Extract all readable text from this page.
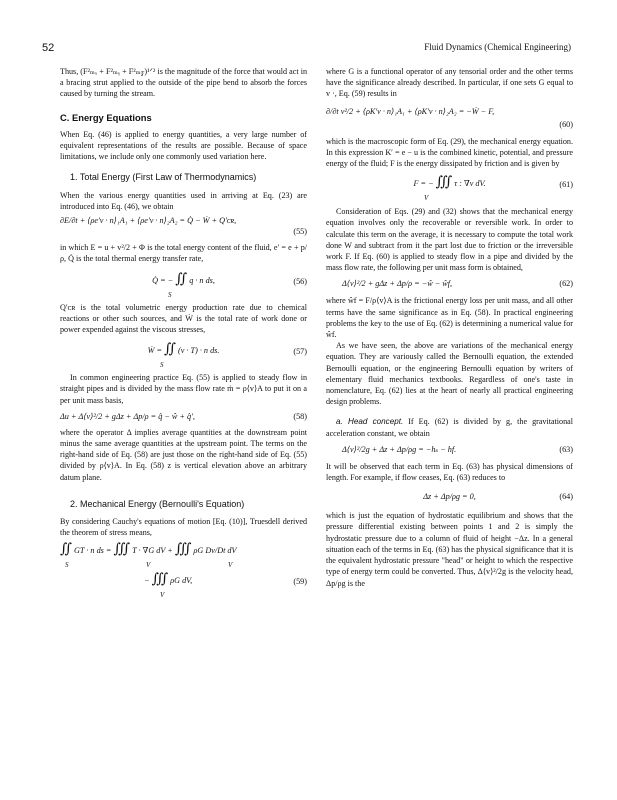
52	Fluid Dynamics (Chemical Engineering)

Thus, (F²ₘₓ + F²ₘᵧ + F²ₘ𝓏)¹ᐟ² is the magnitude of the force that would act in a bracing strut applied to the outside of the pipe bend to absorb the forces caused by turning the stream.

C. Energy Equations

When Eq. (46) is applied to energy quantities, a very large number of equivalent representations of the results are possible. Because of space limitations, we include only one commonly used variation here.

1. Total Energy (First Law of Thermodynamics)

When the various energy quantities used in arriving at Eq. (23) are introduced into Eq. (46), we obtain

∂E/∂t + ⟨ρe′v · n⟩₁A₁ + ⟨ρe′v · n⟩₂A₂ = Q̇ − Ẇ + Q′ᴄʀ,
(55)

in which E = u + v²/2 + Φ is the total energy content of the fluid, e′ = e + p/ρ, Q̇ is the total thermal energy transfer rate,

Q̇ = − ∬ q · n ds,	(56)
S

Q′ᴄʀ is the total volumetric energy production rate due to chemical reactions or other such sources, and Ẇ is the total rate of work done or power expended against the viscous stresses,

Ẇ = ∬ (v · T) · n ds.	(57)
S

In common engineering practice Eq. (55) is applied to steady flow in straight pipes and is divided by the mass flow rate ṁ = ρ⟨v⟩A to put it on a per unit mass basis,

Δu + Δ⟨v⟩²/2 + gΔz + Δp/ρ = q̂ − ŵ + q̂′,	(58)

where the operator Δ implies average quantities at the downstream point minus the same average quantities at the upstream point. The terms on the right-hand side of Eq. (58) are just those on the right-hand side of Eq. (55) divided by ρ⟨v⟩A. In Eq. (58) z is vertical elevation above an arbitrary datum plane.

2. Mechanical Energy (Bernoulli's Equation)

By considering Cauchy's equations of motion [Eq. (10)], Truesdell derived the theorem of stress means,

∬ GT · n ds = ∭ T · ∇G dV + ∭ ρG Dv/Dt dV
S	V	V
− ∭ ρG dV,	(59)
V

where G is a functional operator of any tensorial order and the other terms have the significance already described. In particular, if one sets G equal to v ·, Eq. (59) results in

∂/∂t v²/2 + ⟨ρK′v · n⟩₁A₁ + ⟨ρK′v · n⟩₂A₂ = −Ẇ − F,
(60)

which is the macroscopic form of Eq. (29), the mechanical energy equation. In this expression K′ = e − u is the combined kinetic, potential, and pressure energy of the fluid; F is the energy dissipated by friction and is given by

F = − ∭ τ : ∇v dV.	(61)
V

Consideration of Eqs. (29) and (32) shows that the mechanical energy equation involves only the recoverable or reversible work. In order to calculate this term on the average, it is necessary to compute the total work done W and subtract from it the part lost due to friction or the irreversible work F. If Eq. (60) is applied to steady flow in a pipe and divided by the mass flow rate, the following per unit mass form is obtained,

Δ⟨v⟩²/2 + gΔz + Δp/ρ = −ŵ − ŵf,	(62)

where ŵf = F/ρ⟨v⟩A is the frictional energy loss per unit mass, and all other terms have the same significance as in Eq. (58). In practical engineering problems the key to the use of Eq. (62) is determining a numerical value for ŵf.

As we have seen, the above are variations of the mechanical energy equation. They are variously called the Bernoulli equation, the extended Bernoulli equation, or the engineering Bernoulli equation by writers of elementary fluid mechanics textbooks. Regardless of one's taste in nomenclature, Eq. (62) lies at the heart of nearly all practical engineering design problems.

a. Head concept. If Eq. (62) is divided by g, the gravitational acceleration constant, we obtain

Δ⟨v⟩²/2g + Δz + Δp/ρg = −hₛ − hf.	(63)

It will be observed that each term in Eq. (63) has physical dimensions of length. For example, if flow ceases, Eq. (63) reduces to

Δz + Δp/ρg = 0,	(64)

which is just the equation of hydrostatic equilibrium and shows that the pressure differential existing between points 1 and 2 is simply the hydrostatic pressure due to a column of fluid of height −Δz. In a general situation each of the terms in Eq. (63) has the physical significance that it is the equivalent hydrostatic pressure "head" or height to which the respective type of energy term could be converted. Thus, Δ⟨v⟩²/2g is the velocity head, Δp/ρg is the
